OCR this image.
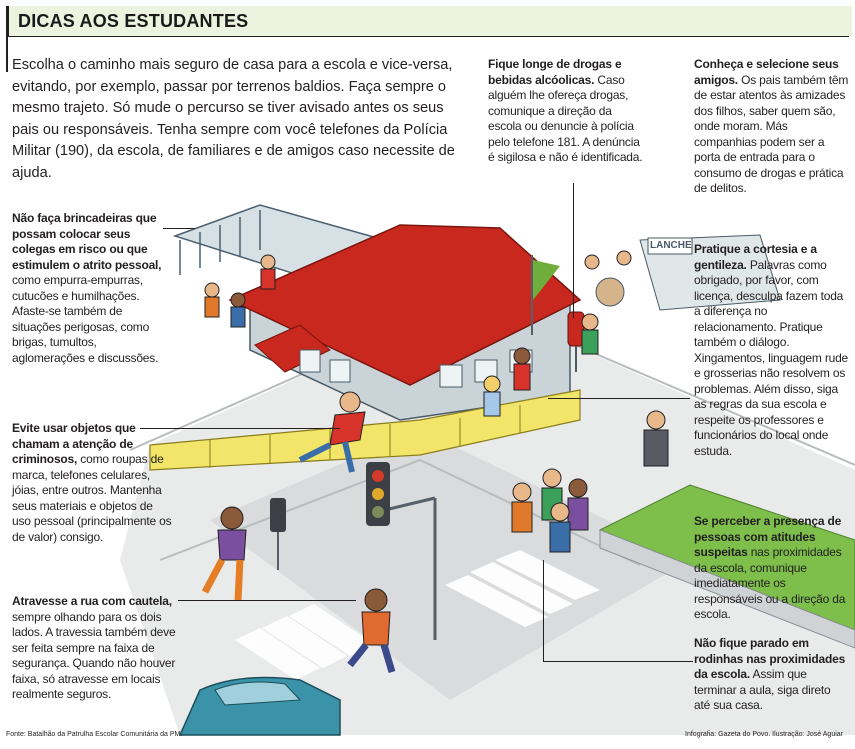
DICAS AOS ESTUDANTES
Escolha o caminho mais seguro de casa para a escola e vice-versa, evitando, por exemplo, passar por terrenos baldios. Faça sempre o mesmo trajeto. Só mude o percurso se tiver avisado antes os seus pais ou responsáveis. Tenha sempre com você telefones da Polícia Militar (190), da escola, de familiares e de amigos caso necessite de ajuda.
Fique longe de drogas e bebidas alcóolicas. Caso alguém lhe ofereça drogas, comunique a direção da escola ou denuncie à polícia pelo telefone 181. A denúncia é sigilosa e não é identificada.
Conheça e selecione seus amigos. Os pais também têm de estar atentos às amizades dos filhos, saber quem são, onde moram. Más companhias podem ser a porta de entrada para o consumo de drogas e prática de delitos.
Pratique a cortesia e a gentileza. Palavras como obrigado, por favor, com licença, desculpa fazem toda a diferença no relacionamento. Pratique também o diálogo. Xingamentos, linguagem rude e grosserias não resolvem os problemas. Além disso, siga as regras da sua escola e respeite os professores e funcionários do local onde estuda.
Se perceber a presença de pessoas com atitudes suspeitas nas proximidades da escola, comunique imediatamente os responsáveis ou a direção da escola.
Não fique parado em rodinhas nas proximidades da escola. Assim que terminar a aula, siga direto até sua casa.
Não faça brincadeiras que possam colocar seus colegas em risco ou que estimulem o atrito pessoal, como empurra-empurras, cutucões e humilhações. Afaste-se também de situações perigosas, como brigas, tumultos, aglomerações e discussões.
Evite usar objetos que chamam a atenção de criminosos, como roupas de marca, telefones celulares, jóias, entre outros. Mantenha seus materiais e objetos de uso pessoal (principalmente os de valor) consigo.
Atravesse a rua com cautela, sempre olhando para os dois lados. A travessia também deve ser feita sempre na faixa de segurança. Quando não houver faixa, só atravesse em locais realmente seguros.
LANCHE
Fonte: Batalhão da Patrulha Escolar Comunitária da PM.	Infografia: Gazeta do Povo. Ilustração: José Aguiar
